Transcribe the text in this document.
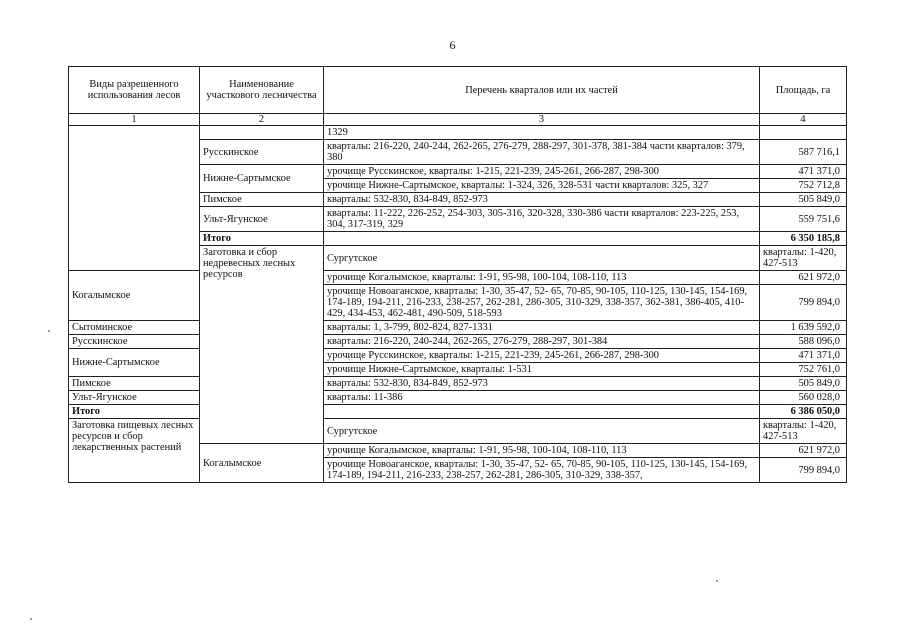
6
Виды разрешенного использования лесов	Наименование участкового лесничества	Перечень кварталов или их частей	Площадь, га	
1	2	3	4	
		1329		
	Русскинское	кварталы: 216-220, 240-244, 262-265, 276-279, 288-297, 301-378, 381-384 части кварталов: 379, 380	587 716,1	
	Нижне-Сартымское	урочище Русскинское, кварталы: 1-215, 221-239, 245-261, 266-287, 298-300	471 371,0	
		урочище Нижне-Сартымское, кварталы: 1-324, 326, 328-531 части кварталов: 325, 327	752 712,8	
	Пимское	кварталы: 532-830, 834-849, 852-973	505 849,0	
	Ульт-Ягунское	кварталы: 11-222, 226-252, 254-303, 305-316, 320-328, 330-386 части кварталов: 223-225, 253, 304, 317-319, 329	559 751,6	
	Итого		6 350 185,8	
	Заготовка и сбор недревесных лесных ресурсов	Сургутское	кварталы: 1-420, 427-513	
Когалымское		урочище Когалымское, кварталы: 1-91, 95-98, 100-104, 108-110, 113	621 972,0	
		урочище Новоаганское, кварталы: 1-30, 35-47, 52- 65, 70-85, 90-105, 110-125, 130-145, 154-169, 174-189, 194-211, 216-233, 238-257, 262-281, 286-305, 310-329, 338-357, 362-381, 386-405, 410-429, 434-453, 462-481, 490-509, 518-593	799 894,0	
Сытоминское		кварталы: 1, 3-799, 802-824, 827-1331	1 639 592,0	
Русскинское		кварталы: 216-220, 240-244, 262-265, 276-279, 288-297, 301-384	588 096,0	
Нижне-Сартымское		урочище Русскинское, кварталы: 1-215, 221-239, 245-261, 266-287, 298-300	471 371,0	
		урочище Нижне-Сартымское, кварталы: 1-531	752 761,0	
Пимское		кварталы: 532-830, 834-849, 852-973	505 849,0	
Ульт-Ягунское		кварталы: 11-386	560 028,0	
Итого			6 386 050,0	
Заготовка пищевых лесных ресурсов и сбор лекарственных растений		Сургутское	кварталы: 1-420, 427-513	
	Когалымское	урочище Когалымское, кварталы: 1-91, 95-98, 100-104, 108-110, 113	621 972,0	
		урочище Новоаганское, кварталы: 1-30, 35-47, 52- 65, 70-85, 90-105, 110-125, 130-145, 154-169, 174-189, 194-211, 216-233, 238-257, 262-281, 286-305, 310-329, 338-357,	799 894,0	
